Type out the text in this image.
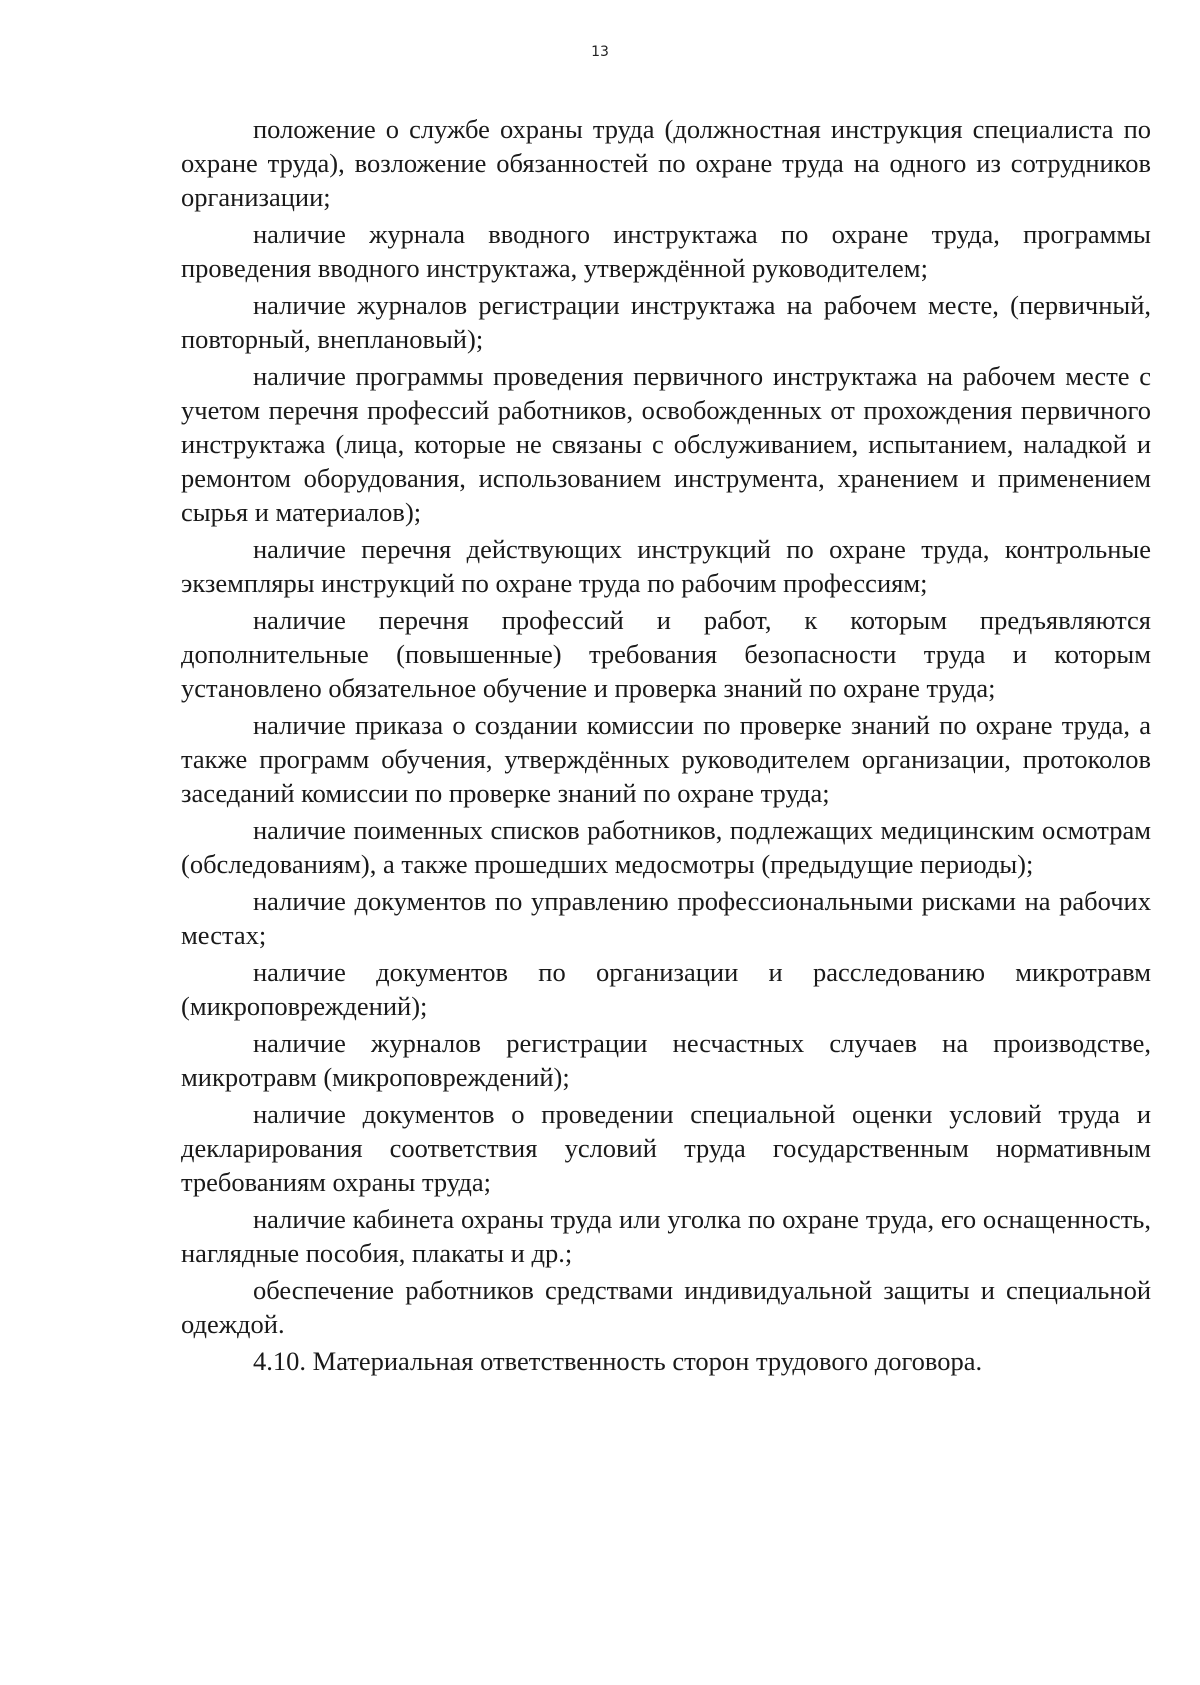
13

положение о службе охраны труда (должностная инструкция специалиста по охране труда), возложение обязанностей по охране труда на одного из сотрудников организации;

наличие журнала вводного инструктажа по охране труда, программы проведения вводного инструктажа, утверждённой руководителем;

наличие журналов регистрации инструктажа на рабочем месте, (первичный, повторный, внеплановый);

наличие программы проведения первичного инструктажа на рабочем месте с учетом перечня профессий работников, освобожденных от прохождения первичного инструктажа (лица, которые не связаны с обслуживанием, испытанием, наладкой и ремонтом оборудования, использованием инструмента, хранением и применением сырья и материалов);

наличие перечня действующих инструкций по охране труда, контрольные экземпляры инструкций по охране труда по рабочим профессиям;

наличие перечня профессий и работ, к которым предъявляются дополнительные (повышенные) требования безопасности труда и которым установлено обязательное обучение и проверка знаний по охране труда;

наличие приказа о создании комиссии по проверке знаний по охране труда, а также программ обучения, утверждённых руководителем организации, протоколов заседаний комиссии по проверке знаний по охране труда;

наличие поименных списков работников, подлежащих медицинским осмотрам (обследованиям), а также прошедших медосмотры (предыдущие периоды);

наличие документов по управлению профессиональными рисками на рабочих местах;

наличие документов по организации и расследованию микротравм (микроповреждений);

наличие журналов регистрации несчастных случаев на производстве, микротравм (микроповреждений);

наличие документов о проведении специальной оценки условий труда и декларирования соответствия условий труда государственным нормативным требованиям охраны труда;

наличие кабинета охраны труда или уголка по охране труда, его оснащенность, наглядные пособия, плакаты и др.;

обеспечение работников средствами индивидуальной защиты и специальной одеждой.

4.10. Материальная ответственность сторон трудового договора.
